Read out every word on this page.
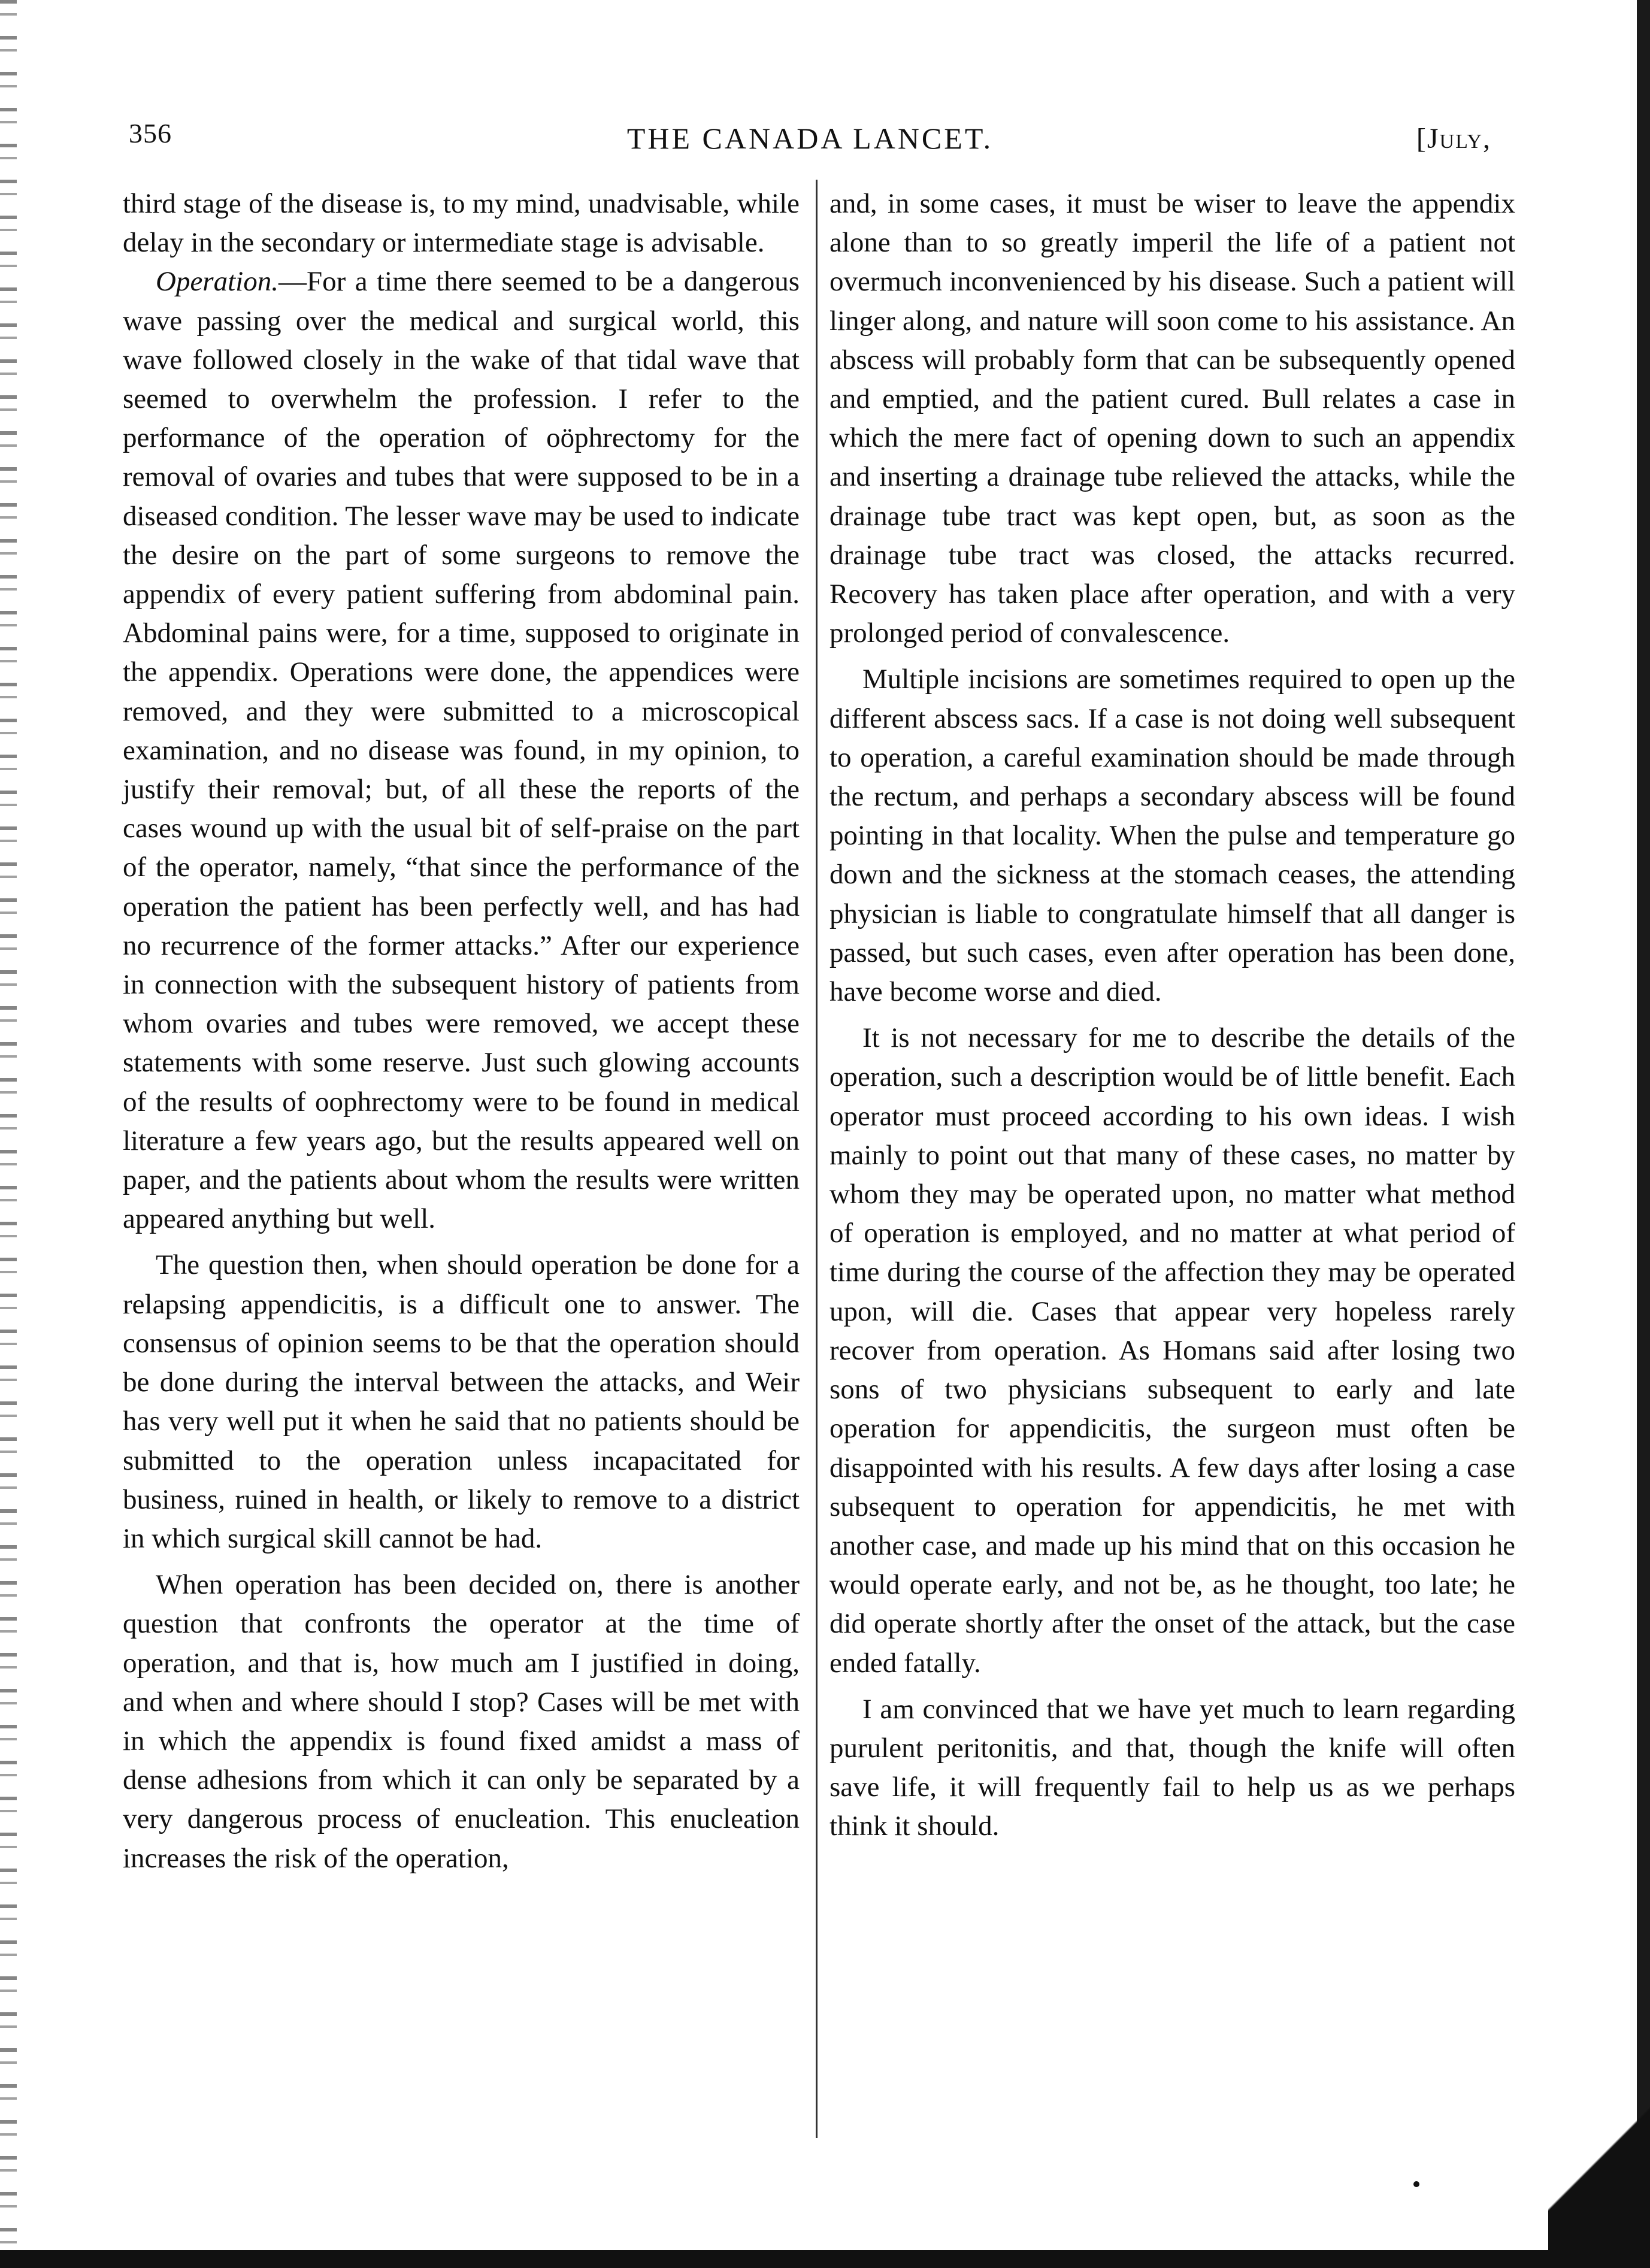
356	THE CANADA LANCET.	[July,

third stage of the disease is, to my mind, unadvisable, while delay in the secondary or intermediate stage is advisable.

Operation.—For a time there seemed to be a dangerous wave passing over the medical and surgical world, this wave followed closely in the wake of that tidal wave that seemed to overwhelm the profession. I refer to the performance of the operation of oöphrectomy for the removal of ovaries and tubes that were supposed to be in a diseased condition. The lesser wave may be used to indicate the desire on the part of some surgeons to remove the appendix of every patient suffering from abdominal pain. Abdominal pains were, for a time, supposed to originate in the appendix. Operations were done, the appendices were removed, and they were submitted to a microscopical examination, and no disease was found, in my opinion, to justify their removal; but, of all these the reports of the cases wound up with the usual bit of self-praise on the part of the operator, namely, “that since the performance of the operation the patient has been perfectly well, and has had no recurrence of the former attacks.” After our experience in connection with the subsequent history of patients from whom ovaries and tubes were removed, we accept these statements with some reserve. Just such glowing accounts of the results of oophrectomy were to be found in medical literature a few years ago, but the results appeared well on paper, and the patients about whom the results were written appeared anything but well.

The question then, when should operation be done for a relapsing appendicitis, is a difficult one to answer. The consensus of opinion seems to be that the operation should be done during the interval between the attacks, and Weir has very well put it when he said that no patients should be submitted to the operation unless incapacitated for business, ruined in health, or likely to remove to a district in which surgical skill cannot be had.

When operation has been decided on, there is another question that confronts the operator at the time of operation, and that is, how much am I justified in doing, and when and where should I stop? Cases will be met with in which the appendix is found fixed amidst a mass of dense adhesions from which it can only be separated by a very dangerous process of enucleation. This enucleation increases the risk of the operation,

and, in some cases, it must be wiser to leave the appendix alone than to so greatly imperil the life of a patient not overmuch inconvenienced by his disease. Such a patient will linger along, and nature will soon come to his assistance. An abscess will probably form that can be subsequently opened and emptied, and the patient cured. Bull relates a case in which the mere fact of opening down to such an appendix and inserting a drainage tube relieved the attacks, while the drainage tube tract was kept open, but, as soon as the drainage tube tract was closed, the attacks recurred. Recovery has taken place after operation, and with a very prolonged period of convalescence.

Multiple incisions are sometimes required to open up the different abscess sacs. If a case is not doing well subsequent to operation, a careful examination should be made through the rectum, and perhaps a secondary abscess will be found pointing in that locality. When the pulse and temperature go down and the sickness at the stomach ceases, the attending physician is liable to congratulate himself that all danger is passed, but such cases, even after operation has been done, have become worse and died.

It is not necessary for me to describe the details of the operation, such a description would be of little benefit. Each operator must proceed according to his own ideas. I wish mainly to point out that many of these cases, no matter by whom they may be operated upon, no matter what method of operation is employed, and no matter at what period of time during the course of the affection they may be operated upon, will die. Cases that appear very hopeless rarely recover from operation. As Homans said after losing two sons of two physicians subsequent to early and late operation for appendicitis, the surgeon must often be disappointed with his results. A few days after losing a case subsequent to operation for appendicitis, he met with another case, and made up his mind that on this occasion he would operate early, and not be, as he thought, too late; he did operate shortly after the onset of the attack, but the case ended fatally.

I am convinced that we have yet much to learn regarding purulent peritonitis, and that, though the knife will often save life, it will frequently fail to help us as we perhaps think it should.
